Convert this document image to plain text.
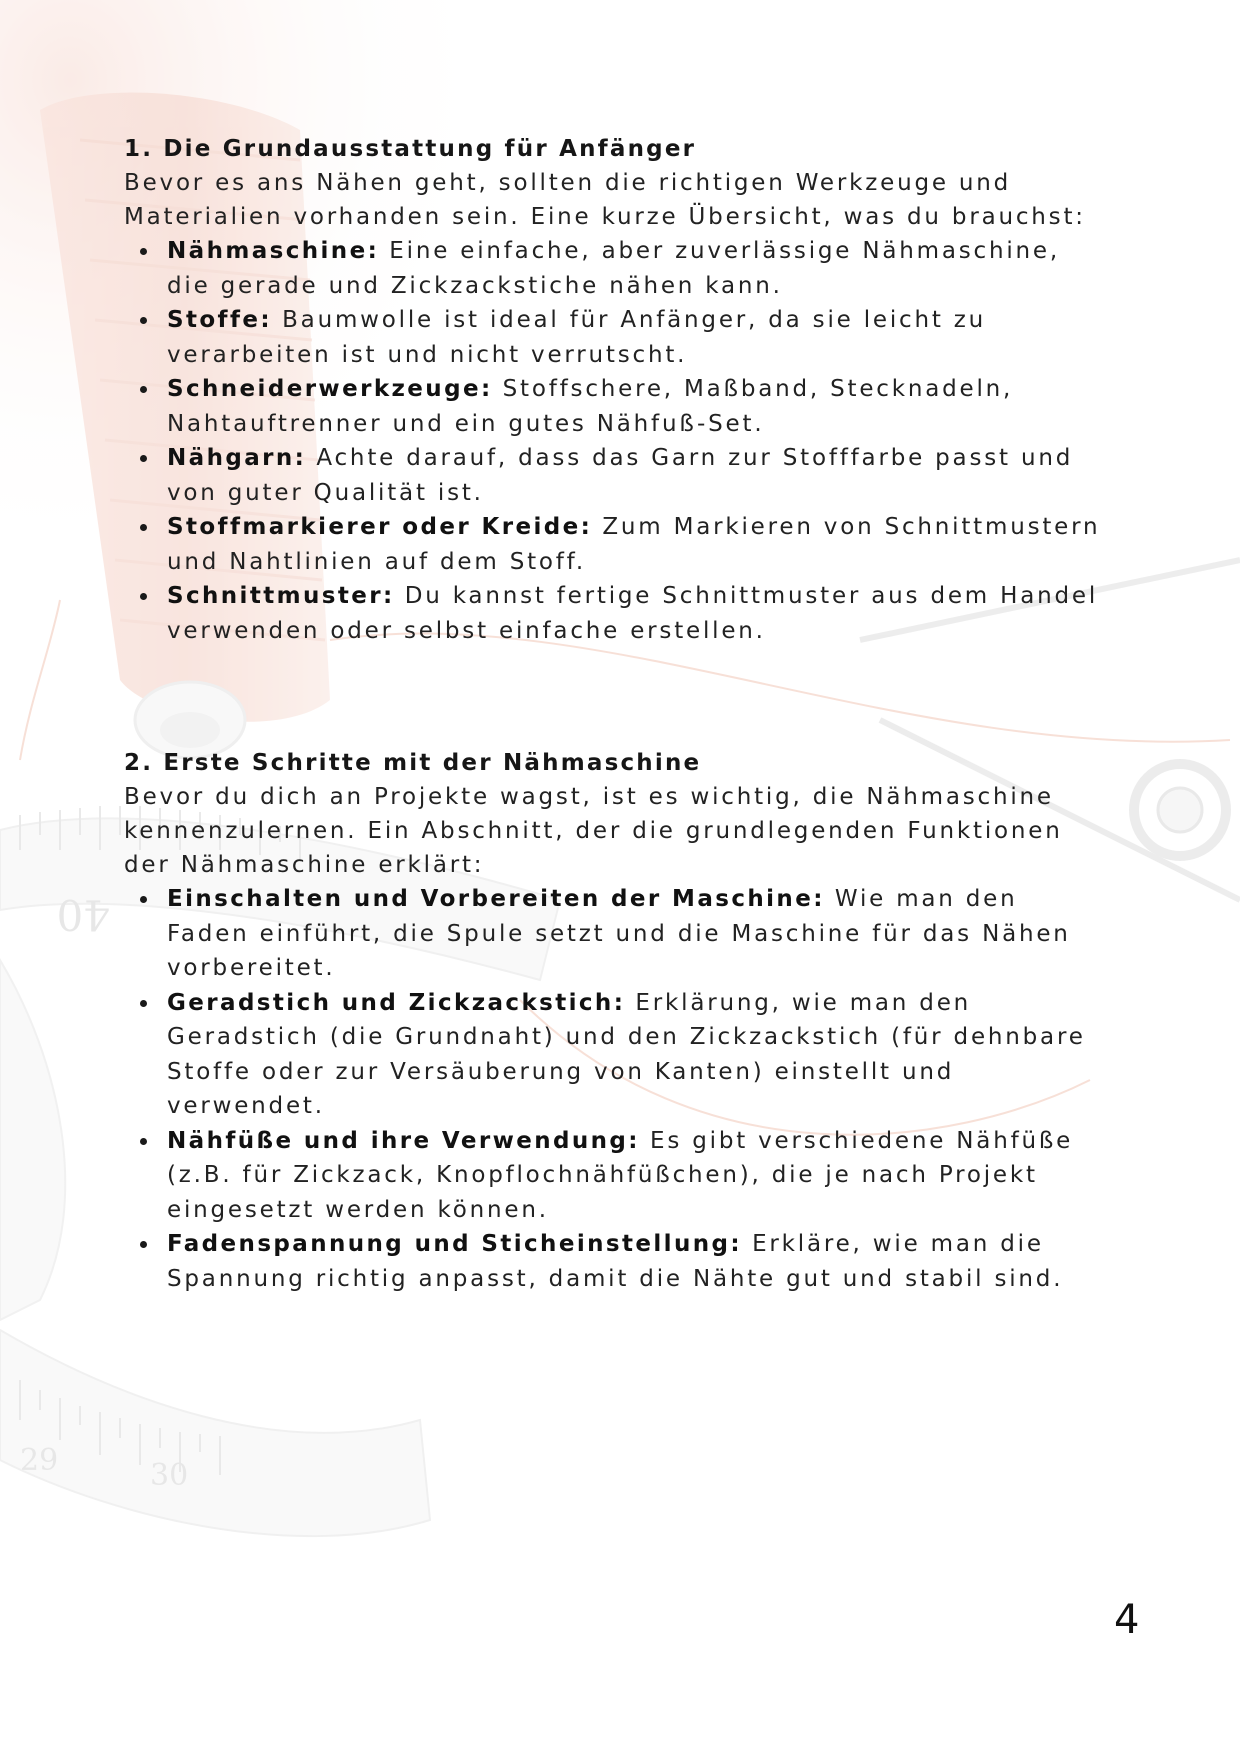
40
29	30
1. Die Grundausstattung für Anfänger

Bevor es ans Nähen geht, sollten die richtigen Werkzeuge und Materialien vorhanden sein. Eine kurze Übersicht, was du brauchst:

Nähmaschine: Eine einfache, aber zuverlässige Nähmaschine, die gerade und Zickzackstiche nähen kann.
Stoffe: Baumwolle ist ideal für Anfänger, da sie leicht zu verarbeiten ist und nicht verrutscht.
Schneiderwerkzeuge: Stoffschere, Maßband, Stecknadeln, Nahtauftrenner und ein gutes Nähfuß-Set.
Nähgarn: Achte darauf, dass das Garn zur Stofffarbe passt und von guter Qualität ist.
Stoffmarkierer oder Kreide: Zum Markieren von Schnittmustern und Nahtlinien auf dem Stoff.
Schnittmuster: Du kannst fertige Schnittmuster aus dem Handel verwenden oder selbst einfache erstellen.
2. Erste Schritte mit der Nähmaschine

Bevor du dich an Projekte wagst, ist es wichtig, die Nähmaschine kennenzulernen. Ein Abschnitt, der die grundlegenden Funktionen der Nähmaschine erklärt:

Einschalten und Vorbereiten der Maschine: Wie man den Faden einführt, die Spule setzt und die Maschine für das Nähen vorbereitet.
Geradstich und Zickzackstich: Erklärung, wie man den Geradstich (die Grundnaht) und den Zickzackstich (für dehnbare Stoffe oder zur Versäuberung von Kanten) einstellt und verwendet.
Nähfüße und ihre Verwendung: Es gibt verschiedene Nähfüße (z.B. für Zickzack, Knopflochnähfüßchen), die je nach Projekt eingesetzt werden können.
Fadenspannung und Sticheinstellung: Erkläre, wie man die Spannung richtig anpasst, damit die Nähte gut und stabil sind.
4
